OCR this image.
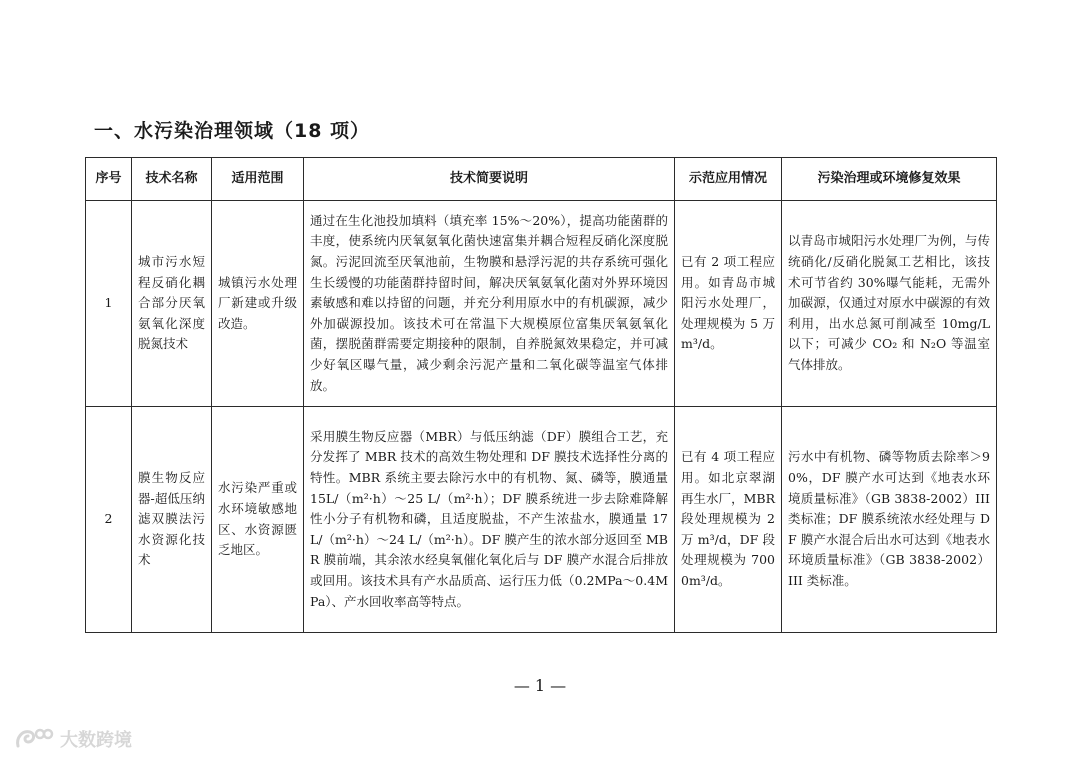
一、水污染治理领域（18 项）
序号	技术名称	适用范围	技术简要说明	示范应用情况	污染治理或环境修复效果
1	城市污水短程反硝化耦合部分厌氧氨氧化深度脱氮技术	城镇污水处理厂新建或升级改造。	通过在生化池投加填料（填充率 15%～20%），提高功能菌群的丰度，使系统内厌氧氨氧化菌快速富集并耦合短程反硝化深度脱氮。污泥回流至厌氧池前，生物膜和悬浮污泥的共存系统可强化生长缓慢的功能菌群持留时间，解决厌氧氨氧化菌对外界环境因素敏感和难以持留的问题，并充分利用原水中的有机碳源，减少外加碳源投加。该技术可在常温下大规模原位富集厌氧氨氧化菌，摆脱菌群需要定期接种的限制，自养脱氮效果稳定，并可减少好氧区曝气量，减少剩余污泥产量和二氧化碳等温室气体排放。	已有 2 项工程应用。如青岛市城阳污水处理厂，处理规模为 5 万 m³/d。	以青岛市城阳污水处理厂为例，与传统硝化/反硝化脱氮工艺相比，该技术可节省约 30%曝气能耗，无需外加碳源，仅通过对原水中碳源的有效利用，出水总氮可削减至 10mg/L 以下；可减少 CO₂ 和 N₂O 等温室气体排放。
2	膜生物反应器-超低压纳滤双膜法污水资源化技术	水污染严重或水环境敏感地区、水资源匮乏地区。	采用膜生物反应器（MBR）与低压纳滤（DF）膜组合工艺，充分发挥了 MBR 技术的高效生物处理和 DF 膜技术选择性分离的特性。MBR 系统主要去除污水中的有机物、氮、磷等，膜通量 15L/（m²·h）～25 L/（m²·h）；DF 膜系统进一步去除难降解性小分子有机物和磷，且适度脱盐，不产生浓盐水，膜通量 17 L/（m²·h）～24 L/（m²·h）。DF 膜产生的浓水部分返回至 MBR 膜前端，其余浓水经臭氧催化氧化后与 DF 膜产水混合后排放或回用。该技术具有产水品质高、运行压力低（0.2MPa～0.4MPa）、产水回收率高等特点。	已有 4 项工程应用。如北京翠湖再生水厂，MBR 段处理规模为 2 万 m³/d，DF 段处理规模为 7000m³/d。	污水中有机物、磷等物质去除率＞90%，DF 膜产水可达到《地表水环境质量标准》（GB 3838-2002）III 类标准；DF 膜系统浓水经处理与 DF 膜产水混合后出水可达到《地表水环境质量标准》（GB 3838-2002）III 类标准。
— 1 —
大数跨境
